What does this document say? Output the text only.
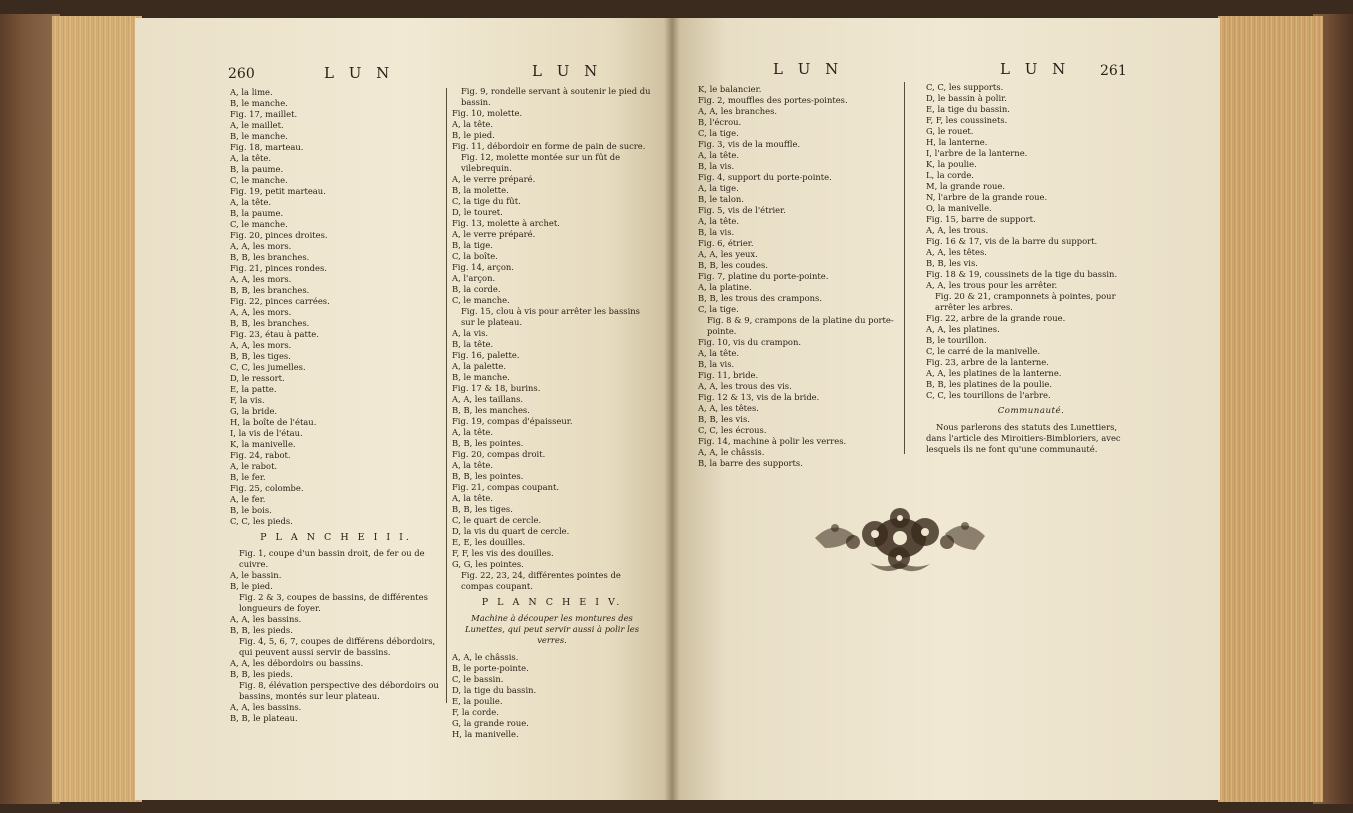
260	L U N	L U N
A, la lime.
B, le manche.
Fig. 17, maillet.
A, le maillet.
B, le manche.
Fig. 18, marteau.
A, la tête.
B, la paume.
C, le manche.
Fig. 19, petit marteau.
A, la tête.
B, la paume.
C, le manche.
Fig. 20, pinces droites.
A, A, les mors.
B, B, les branches.
Fig. 21, pinces rondes.
A, A, les mors.
B, B, les branches.
Fig. 22, pinces carrées.
A, A, les mors.
B, B, les branches.
Fig. 23, étau à patte.
A, A, les mors.
B, B, les tiges.
C, C, les jumelles.
D, le ressort.
E, la patte.
F, la vis.
G, la bride.
H, la boîte de l'étau.
I, la vis de l'étau.
K, la manivelle.
Fig. 24, rabot.
A, le rabot.
B, le fer.
Fig. 25, colombe.
A, le fer.
B, le bois.
C, C, les pieds.
P L A N C H E I I I.
Fig. 1, coupe d'un bassin droit, de fer ou de cuivre.
A, le bassin.
B, le pied.
Fig. 2 & 3, coupes de bassins, de différentes longueurs de foyer.
A, A, les bassins.
B, B, les pieds.
Fig. 4, 5, 6, 7, coupes de différens débordoirs, qui peuvent aussi servir de bassins.
A, A, les débordoirs ou bassins.
B, B, les pieds.
Fig. 8, élévation perspective des débordoirs ou bassins, montés sur leur plateau.
A, A, les bassins.
B, B, le plateau.
Fig. 9, rondelle servant à soutenir le pied du bassin.
Fig. 10, molette.
A, la tête.
B, le pied.
Fig. 11, débordoir en forme de pain de sucre.
Fig. 12, molette montée sur un fût de vilebrequin.
A, le verre préparé.
B, la molette.
C, la tige du fût.
D, le touret.
Fig. 13, molette à archet.
A, le verre préparé.
B, la tige.
C, la boîte.
Fig. 14, arçon.
A, l'arçon.
B, la corde.
C, le manche.
Fig. 15, clou à vis pour arrêter les bassins sur le plateau.
A, la vis.
B, la tête.
Fig. 16, palette.
A, la palette.
B, le manche.
Fig. 17 & 18, burins.
A, A, les taillans.
B, B, les manches.
Fig. 19, compas d'épaisseur.
A, la tête.
B, B, les pointes.
Fig. 20, compas droit.
A, la tête.
B, B, les pointes.
Fig. 21, compas coupant.
A, la tête.
B, B, les tiges.
C, le quart de cercle.
D, la vis du quart de cercle.
E, E, les douilles.
F, F, les vis des douilles.
G, G, les pointes.
Fig. 22, 23, 24, différentes pointes de compas coupant.
P L A N C H E I V.
Machine à découper les montures des Lunettes, qui peut servir aussi à polir les verres.
A, A, le châssis.
B, le porte-pointe.
C, le bassin.
D, la tige du bassin.
E, la poulie.
F, la corde.
G, la grande roue.
H, la manivelle.
L U N	L U N 261
K, le balancier.
Fig. 2, mouffles des portes-pointes.
A, A, les branches.
B, l'écrou.
C, la tige.
Fig. 3, vis de la mouffle.
A, la tête.
B, la vis.
Fig. 4, support du porte-pointe.
A, la tige.
B, le talon.
Fig. 5, vis de l'étrier.
A, la tête.
B, la vis.
Fig. 6, étrier.
A, A, les yeux.
B, B, les coudes.
Fig. 7, platine du porte-pointe.
A, la platine.
B, B, les trous des crampons.
C, la tige.
Fig. 8 & 9, crampons de la platine du porte-pointe.
Fig. 10, vis du crampon.
A, la tête.
B, la vis.
Fig. 11, bride.
A, A, les trous des vis.
Fig. 12 & 13, vis de la bride.
A, A, les têtes.
B, B, les vis.
C, C, les écrous.
Fig. 14, machine à polir les verres.
A, A, le châssis.
B, la barre des supports.
C, C, les supports.
D, le bassin à polir.
E, la tige du bassin.
F, F, les coussinets.
G, le rouet.
H, la lanterne.
I, l'arbre de la lanterne.
K, la poulie.
L, la corde.
M, la grande roue.
N, l'arbre de la grande roue.
O, la manivelle.
Fig. 15, barre de support.
A, A, les trous.
Fig. 16 & 17, vis de la barre du support.
A, A, les têtes.
B, B, les vis.
Fig. 18 & 19, coussinets de la tige du bassin.
A, A, les trous pour les arrêter.
Fig. 20 & 21, cramponnets à pointes, pour arrêter les arbres.
Fig. 22, arbre de la grande roue.
A, A, les platines.
B, le tourillon.
C, le carré de la manivelle.
Fig. 23, arbre de la lanterne.
A, A, les platines de la lanterne.
B, B, les platines de la poulie.
C, C, les tourillons de l'arbre.
Communauté.
Nous parlerons des statuts des Lunettiers, dans l'article des Miroitiers-Bimbloriers, avec lesquels ils ne font qu'une communauté.
